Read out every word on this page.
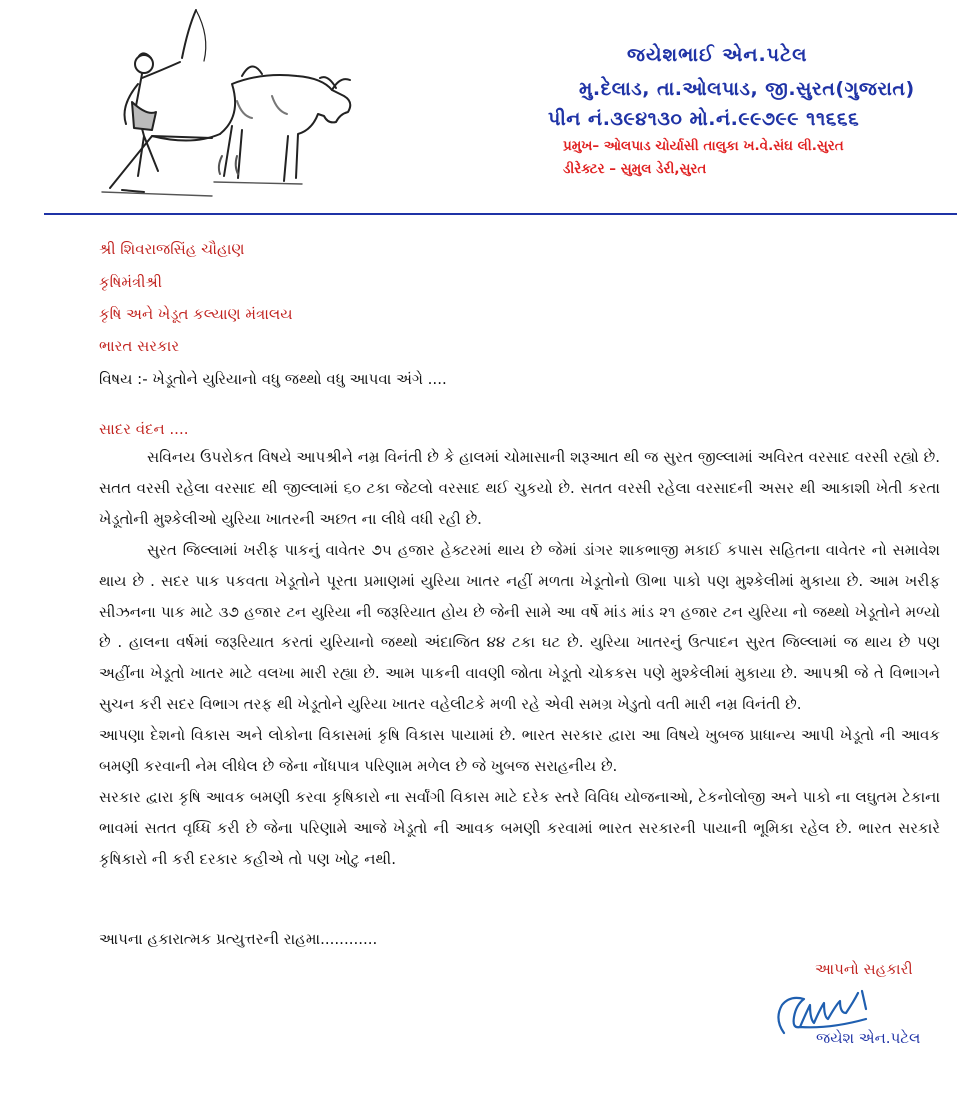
જયેશભાઈ એન.પટેલ
મુ.દેલાડ, તા.ઓલપાડ, જી.સુરત(ગુજરાત)
પીન નં.૩૯૪૧૩૦ મો.નં.૯૯૭૯૯ ૧૧૬૬૬
પ્રમુખ– ઓલપાડ ચોર્યાસી તાલુકા ખ.વે.સંઘ લી.સુરત
ડીરેક્ટર – સુમુલ ડેરી,સુરત
શ્રી શિવરાજસિંહ ચૌહાણ
કૃષિમંત્રીશ્રી
કૃષિ અને ખેડૂત કલ્યાણ મંત્રાલય
ભારત સરકાર
વિષય :- ખેડૂતોને યુરિયાનો વધુ જથ્થો વધુ આપવા અંગે ....
સાદર વંદન ....

સવિનય ઉપરોકત વિષયે આપશ્રીને નમ્ર વિનંતી છે કે હાલમાં ચોમાસાની શરૂઆત થી જ સુરત જીલ્લામાં અવિરત વરસાદ વરસી રહ્યો છે. સતત વરસી રહેલા વરસાદ થી જીલ્લામાં ૬૦ ટકા જેટલો વરસાદ થઈ ચુકયો છે. સતત વરસી રહેલા વરસાદની અસર થી આકાશી ખેતી કરતા ખેડૂતોની મુશ્કેલીઓ યુરિયા ખાતરની અછત ના લીધે વધી રહી છે.

સુરત જિલ્લામાં ખરીફ પાકનું વાવેતર ૭૫ હજાર હેક્ટરમાં થાય છે જેમાં ડાંગર શાકભાજી મકાઈ કપાસ સહિતના વાવેતર નો સમાવેશ થાય છે . સદર પાક પકવતા ખેડૂતોને પૂરતા પ્રમાણમાં યુરિયા ખાતર નહીં મળતા ખેડૂતોનો ઊભા પાકો પણ મુશ્કેલીમાં મુકાયા છે. આમ ખરીફ સીઝનના પાક માટે ૩૭ હજાર ટન યુરિયા ની જરૂરિયાત હોય છે જેની સામે આ વર્ષે માંડ માંડ ૨૧ હજાર ટન યુરિયા નો જથ્થો ખેડૂતોને મળ્યો છે . હાલના વર્ષમાં જરૂરિયાત કરતાં યુરિયાનો જથ્થો અંદાજિત ૪૪ ટકા ઘટ છે. યુરિયા ખાતરનું ઉત્પાદન સુરત જિલ્લામાં જ થાય છે પણ અહીંના ખેડૂતો ખાતર માટે વલખા મારી રહ્યા છે. આમ પાકની વાવણી જોતા ખેડૂતો ચોકકસ પણે મુશ્કેલીમાં મુકાયા છે. આપશ્રી જે તે વિભાગને સુચન કરી સદર વિભાગ તરફ થી ખેડૂતોને યુરિયા ખાતર વહેલીટકે મળી રહે એવી સમગ્ર ખેડુતો વતી મારી નમ્ર વિનંતી છે.

આપણા દેશનો વિકાસ અને લોકોના વિકાસમાં કૃષિ વિકાસ પાયામાં છે. ભારત સરકાર દ્વારા આ વિષયે ખુબજ પ્રાધાન્ય આપી ખેડૂતો ની આવક બમણી કરવાની નેમ લીધેલ છે જેના નોંધપાત્ર પરિણામ મળેલ છે જે ખુબજ સરાહનીય છે.

સરકાર દ્વારા કૃષિ આવક બમણી કરવા કૃષિકારો ના સર્વાંગી વિકાસ માટે દરેક સ્તરે વિવિધ યોજનાઓ, ટેકનોલોજી અને પાકો ના લઘુતમ ટેકાના ભાવમાં સતત વૃધ્ધિ કરી છે જેના પરિણામે આજે ખેડૂતો ની આવક બમણી કરવામાં ભારત સરકારની પાયાની ભૂમિકા રહેલ છે. ભારત સરકારે કૃષિકારો ની કરી દરકાર કહીએ તો પણ ખોટુ નથી.

આપના હકારાત્મક પ્રત્યુત્તરની રાહમા............
આપનો સહકારી
જયેશ એન.પટેલ
